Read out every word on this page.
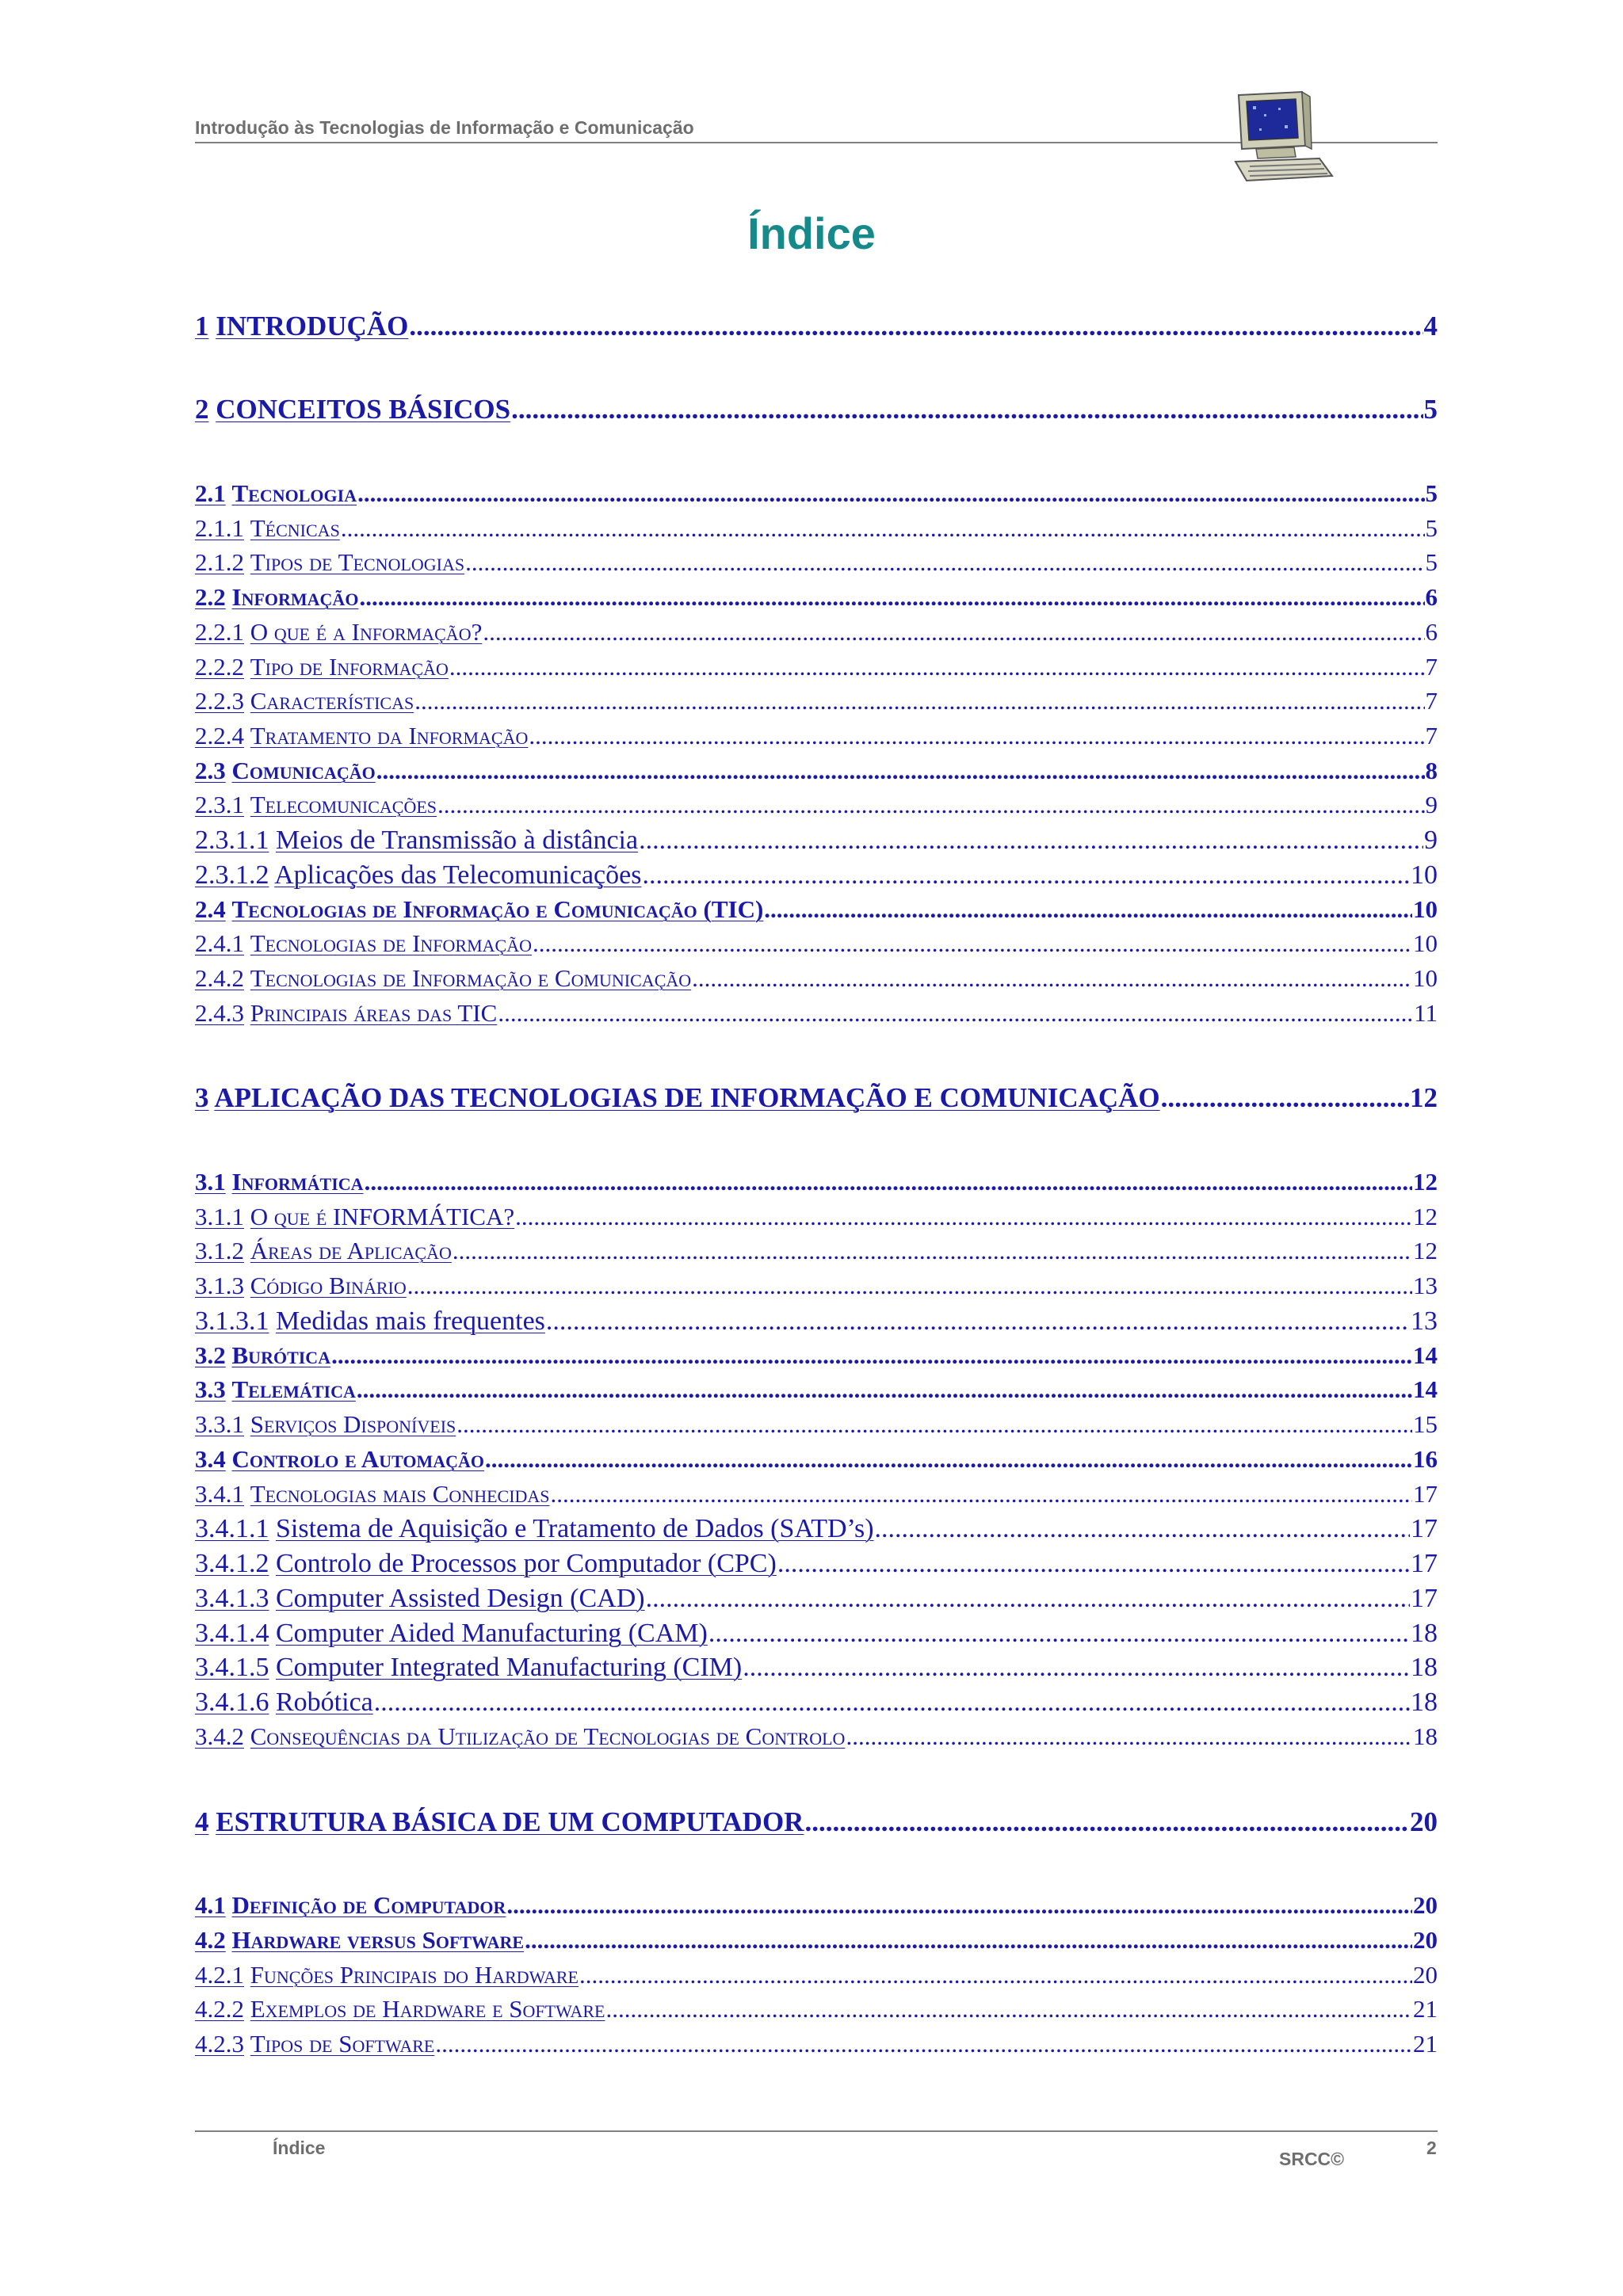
Introdução às Tecnologias de Informação e Comunicação
Índice
1 INTRODUÇÃO .....	4
2 CONCEITOS BÁSICOS .....	5
2.1 Tecnologia .....	5
2.1.1 Técnicas .....	5
2.1.2 Tipos de Tecnologias .....	5
2.2 Informação .....	6
2.2.1 O que é a Informação? .....	6
2.2.2 Tipo de Informação .....	7
2.2.3 Características .....	7
2.2.4 Tratamento da Informação .....	7
2.3 Comunicação .....	8
2.3.1 Telecomunicações .....	9
2.3.1.1 Meios de Transmissão à distância .....	9
2.3.1.2 Aplicações das Telecomunicações .....	10
2.4 Tecnologias de Informação e Comunicação (TIC) .....	10
2.4.1 Tecnologias de Informação .....	10
2.4.2 Tecnologias de Informação e Comunicação .....	10
2.4.3 Principais áreas das TIC .....	11
3 APLICAÇÃO DAS TECNOLOGIAS DE INFORMAÇÃO E COMUNICAÇÃO .....	12
3.1 Informática .....	12
3.1.1 O que é INFORMÁTICA? .....	12
3.1.2 Áreas de Aplicação .....	12
3.1.3 Código Binário .....	13
3.1.3.1 Medidas mais frequentes .....	13
3.2 Burótica .....	14
3.3 Telemática .....	14
3.3.1 Serviços Disponíveis .....	15
3.4 Controlo e Automação .....	16
3.4.1 Tecnologias mais Conhecidas .....	17
3.4.1.1 Sistema de Aquisição e Tratamento de Dados (SATD’s) .....	17
3.4.1.2 Controlo de Processos por Computador (CPC) .....	17
3.4.1.3 Computer Assisted Design (CAD) .....	17
3.4.1.4 Computer Aided Manufacturing (CAM) .....	18
3.4.1.5 Computer Integrated Manufacturing (CIM) .....	18
3.4.1.6 Robótica .....	18
3.4.2 Consequências da Utilização de Tecnologias de Controlo .....	18
4 ESTRUTURA BÁSICA DE UM COMPUTADOR .....	20
4.1 Definição de Computador .....	20
4.2 Hardware versus Software .....	20
4.2.1 Funções Principais do Hardware .....	20
4.2.2 Exemplos de Hardware e Software .....	21
4.2.3 Tipos de Software .....	21
Índice
SRCC©
2
